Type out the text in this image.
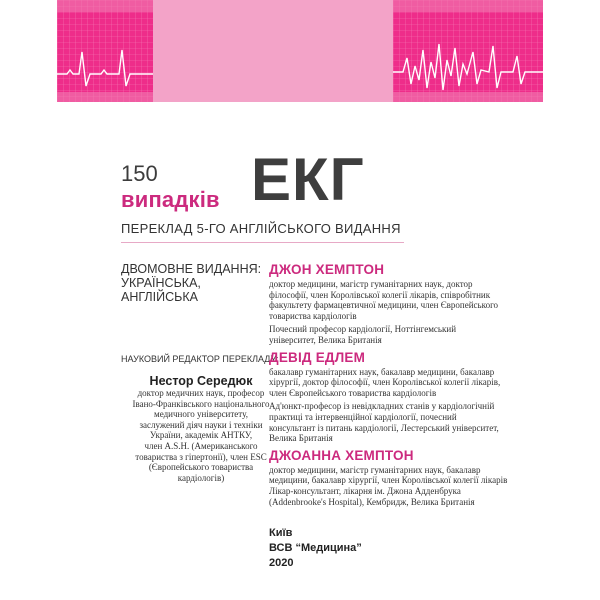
150
випадків ЕКГ
ПЕРЕКЛАД 5-ГО АНГЛІЙСЬКОГО ВИДАННЯ
ДВОМОВНЕ ВИДАННЯ:
УКРАЇНСЬКА, АНГЛІЙСЬКА
НАУКОВИЙ РЕДАКТОР ПЕРЕКЛАДУ:
Нестор Середюк
доктор медичних наук, професор
Івано-Франківського національного
медичного університету,
заслужений діяч науки і техніки
України, академік АНТКУ,
член A.S.H. (Американського
товариства з гіпертонії), член ESC
(Європейського товариства
кардіологів)
ДЖОН ХЕМПТОН
доктор медицини, магістр гуманітарних наук, доктор
філософії, член Королівської колегії лікарів, співробітник
факультету фармацевтичної медицини, член Європейського
товариства кардіологів
Почесний професор кардіології, Ноттінгемський
університет, Велика Британія
ДЕВІД ЕДЛЕМ
бакалавр гуманітарних наук, бакалавр медицини, бакалавр
хірургії, доктор філософії, член Королівської колегії лікарів,
член Європейського товариства кардіологів
Ад'юнкт-професор із невідкладних станів у кардіологічній
практиці та інтервенційної кардіології, почесний
консультант із питань кардіології, Лестерський університет,
Велика Британія
ДЖОАННА ХЕМПТОН
доктор медицини, магістр гуманітарних наук, бакалавр
медицини, бакалавр хірургії, член Королівської колегії лікарів
Лікар-консультант, лікарня ім. Джона Адденбрука
(Addenbrooke's Hospital), Кембридж, Велика Британія
Київ
ВСВ “Медицина”
2020
